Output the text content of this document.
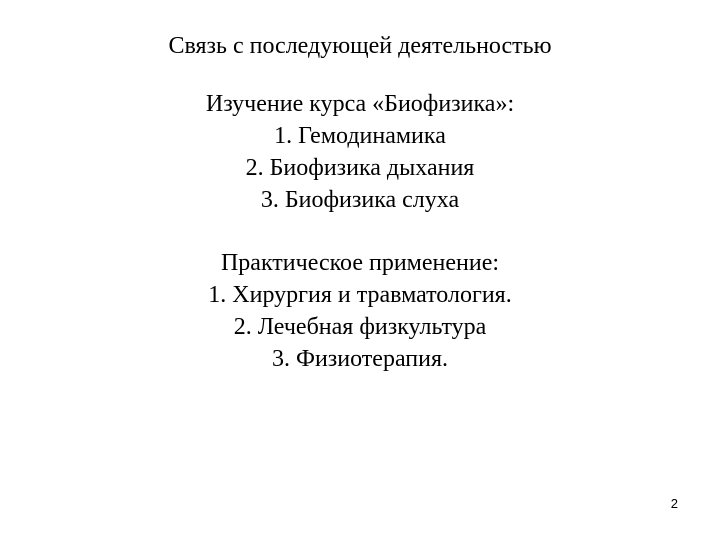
Связь с последующей деятельностью
Изучение курса «Биофизика»:
1. Гемодинамика
2. Биофизика дыхания
3. Биофизика слуха
Практическое применение:
1. Хирургия и травматология.
2. Лечебная физкультура
3. Физиотерапия.
2
